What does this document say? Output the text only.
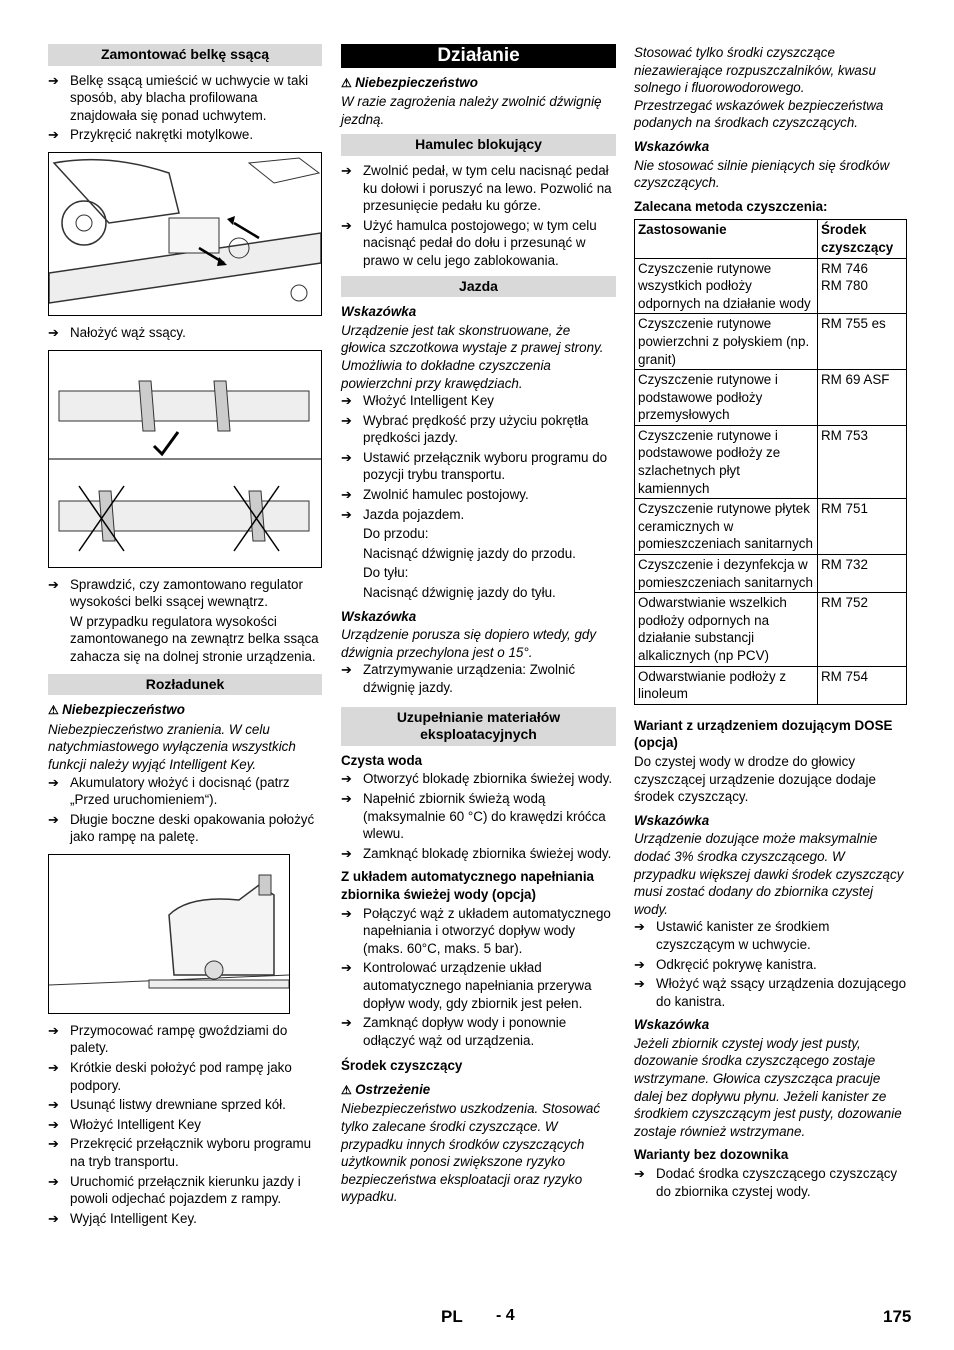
Zamontować belkę ssącą
➔ Belkę ssącą umieścić w uchwycie w taki sposób, aby blacha profilowana znajdowała się ponad uchwytem.
➔ Przykręcić nakrętki motylkowe.
➔ Nałożyć wąż ssący.
➔ Sprawdzić, czy zamontowano regulator wysokości belki ssącej wewnątrz.
W przypadku regulatora wysokości zamontowanego na zewnątrz belka ssąca zahacza się na dolnej stronie urządzenia.
Rozładunek
⚠ Niebezpieczeństwo
Niebezpieczeństwo zranienia. W celu natychmiastowego wyłączenia wszystkich funkcji należy wyjąć Intelligent Key.
➔ Akumulatory włożyć i docisnąć (patrz „Przed uruchomieniem“).
➔ Długie boczne deski opakowania położyć jako rampę na paletę.
➔ Przymocować rampę gwoździami do palety.
➔ Krótkie deski położyć pod rampę jako podpory.
➔ Usunąć listwy drewniane sprzed kół.
➔ Włożyć Intelligent Key
➔ Przekręcić przełącznik wyboru programu na tryb transportu.
➔ Uruchomić przełącznik kierunku jazdy i powoli odjechać pojazdem z rampy.
➔ Wyjąć Intelligent Key.
Działanie
⚠ Niebezpieczeństwo
W razie zagrożenia należy zwolnić dźwignię jezdną.
Hamulec blokujący
➔ Zwolnić pedał, w tym celu nacisnąć pedał ku dołowi i poruszyć na lewo. Pozwolić na przesunięcie pedału ku górze.
➔ Użyć hamulca postojowego; w tym celu nacisnąć pedał do dołu i przesunąć w prawo w celu jego zablokowania.
Jazda
Wskazówka
Urządzenie jest tak skonstruowane, że głowica szczotkowa wystaje z prawej strony. Umożliwia to dokładne czyszczenia powierzchni przy krawędziach.
➔ Włożyć Intelligent Key
➔ Wybrać prędkość przy użyciu pokrętła prędkości jazdy.
➔ Ustawić przełącznik wyboru programu do pozycji trybu transportu.
➔ Zwolnić hamulec postojowy.
➔ Jazda pojazdem.
Do przodu:
Nacisnąć dźwignię jazdy do przodu.
Do tyłu:
Nacisnąć dźwignię jazdy do tyłu.
Wskazówka
Urządzenie porusza się dopiero wtedy, gdy dźwignia przechylona jest o 15°.
➔ Zatrzymywanie urządzenia: Zwolnić dźwignię jazdy.
Uzupełnianie materiałów eksploatacyjnych
Czysta woda
➔ Otworzyć blokadę zbiornika świeżej wody.
➔ Napełnić zbiornik świeżą wodą (maksymalnie 60 °C) do krawędzi króćca wlewu.
➔ Zamknąć blokadę zbiornika świeżej wody.
Z układem automatycznego napełniania zbiornika świeżej wody (opcja)
➔ Połączyć wąż z układem automatycznego napełniania i otworzyć dopływ wody (maks. 60°C, maks. 5 bar).
➔ Kontrolować urządzenie układ automatycznego napełniania przerywa dopływ wody, gdy zbiornik jest pełen.
➔ Zamknąć dopływ wody i ponownie odłączyć wąż od urządzenia.
Środek czyszczący
⚠ Ostrzeżenie
Niebezpieczeństwo uszkodzenia. Stosować tylko zalecane środki czyszczące. W przypadku innych środków czyszczących użytkownik ponosi zwiększone ryzyko bezpieczeństwa eksploatacji oraz ryzyko wypadku.
Stosować tylko środki czyszczące niezawierające rozpuszczalników, kwasu solnego i fluorowodorowego.
Przestrzegać wskazówek bezpieczeństwa podanych na środkach czyszczących.
Wskazówka
Nie stosować silnie pieniących się środków czyszczących.
Zalecana metoda czyszczenia:
Zastosowanie	Środek czyszczący
Czyszczenie rutynowe wszystkich podłoży odpornych na działanie wody	RM 746
RM 780
Czyszczenie rutynowe powierzchni z połyskiem (np. granit)	RM 755 es
Czyszczenie rutynowe i podstawowe podłoży przemysłowych	RM 69 ASF
Czyszczenie rutynowe i podstawowe podłoży ze szlachetnych płyt kamiennych	RM 753
Czyszczenie rutynowe płytek ceramicznych w pomieszczeniach sanitarnych	RM 751
Czyszczenie i dezynfekcja w pomieszczeniach sanitarnych	RM 732
Odwarstwianie wszelkich podłoży odpornych na działanie substancji alkalicznych (np PCV)	RM 752
Odwarstwianie podłoży z linoleum	RM 754
Wariant z urządzeniem dozującym DOSE (opcja)
Do czystej wody w drodze do głowicy czyszczącej urządzenie dozujące dodaje środek czyszczący.
Wskazówka
Urządzenie dozujące może maksymalnie dodać 3% środka czyszczącego. W przypadku większej dawki środek czyszczący musi zostać dodany do zbiornika czystej wody.
➔ Ustawić kanister ze środkiem czyszczącym w uchwycie.
➔ Odkręcić pokrywę kanistra.
➔ Włożyć wąż ssący urządzenia dozującego do kanistra.
Wskazówka
Jeżeli zbiornik czystej wody jest pusty, dozowanie środka czyszczącego zostaje wstrzymane. Głowica czyszcząca pracuje dalej bez dopływu płynu. Jeżeli kanister ze środkiem czyszczącym jest pusty, dozowanie zostaje również wstrzymane.
Warianty bez dozownika
➔ Dodać środka czyszczącego czyszczący do zbiornika czystej wody.
PL - 4	175
